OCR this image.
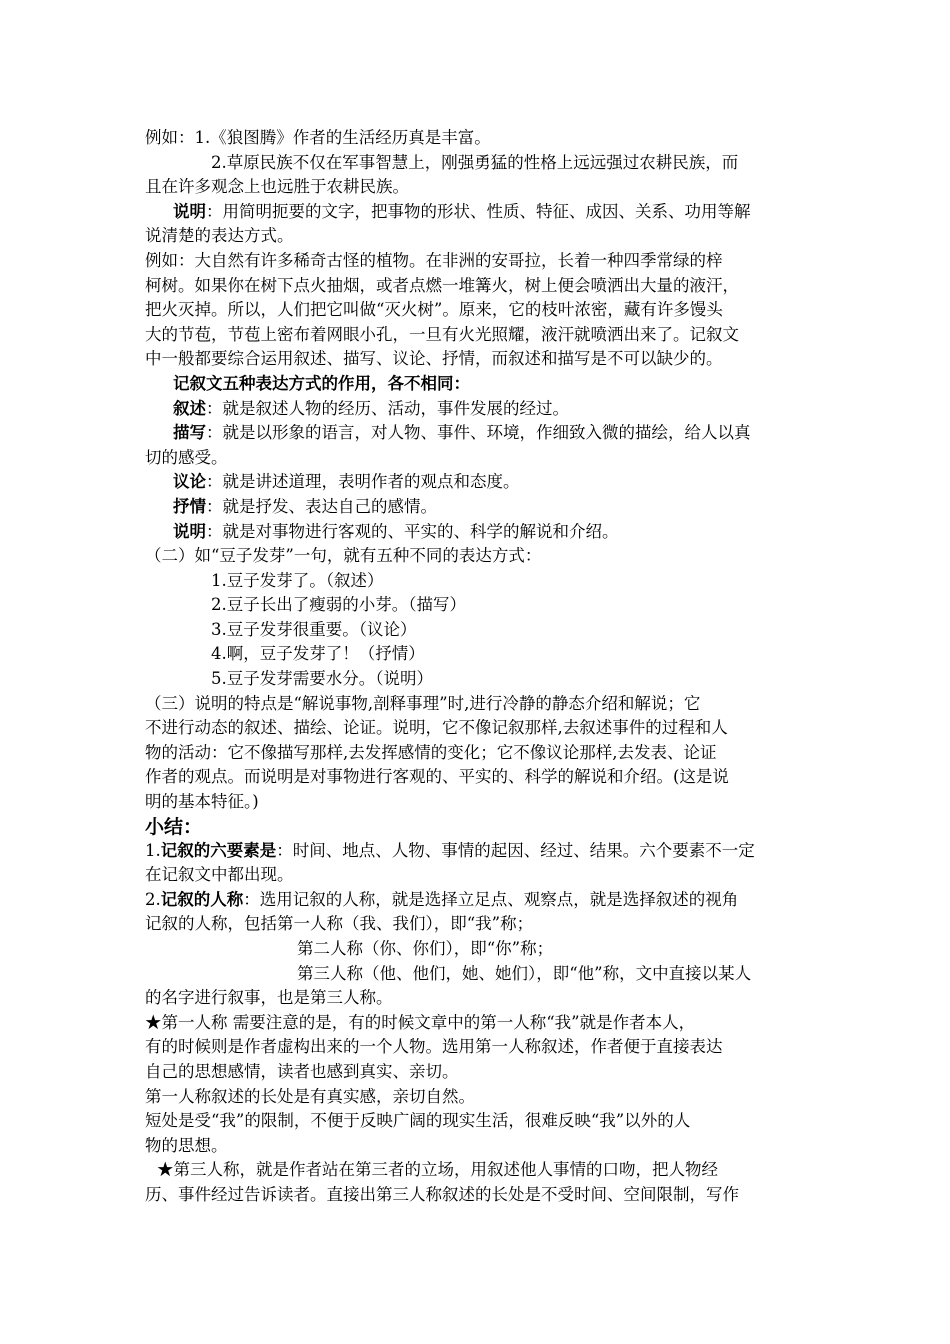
例如：1.《狼图腾》作者的生活经历真是丰富。

2.草原民族不仅在军事智慧上，刚强勇猛的性格上远远强过农耕民族，而

且在许多观念上也远胜于农耕民族。

说明：用简明扼要的文字，把事物的形状、性质、特征、成因、关系、功用等解

说清楚的表达方式。

例如：大自然有许多稀奇古怪的植物。在非洲的安哥拉，长着一种四季常绿的梓

柯树。如果你在树下点火抽烟，或者点燃一堆篝火，树上便会喷洒出大量的液汗，

把火灭掉。所以，人们把它叫做“灭火树”。原来，它的枝叶浓密，藏有许多馒头

大的节苞，节苞上密布着网眼小孔，一旦有火光照耀，液汗就喷洒出来了。记叙文

中一般都要综合运用叙述、描写、议论、抒情，而叙述和描写是不可以缺少的。

记叙文五种表达方式的作用，各不相同：

叙述：就是叙述人物的经历、活动，事件发展的经过。

描写：就是以形象的语言，对人物、事件、环境，作细致入微的描绘，给人以真

切的感受。

议论：就是讲述道理，表明作者的观点和态度。

抒情：就是抒发、表达自己的感情。

说明：就是对事物进行客观的、平实的、科学的解说和介绍。

（二）如“豆子发芽”一句，就有五种不同的表达方式：

1.豆子发芽了。（叙述）

2.豆子长出了瘦弱的小芽。（描写）

3.豆子发芽很重要。（议论）

4.啊，豆子发芽了！（抒情）

5.豆子发芽需要水分。（说明）

（三）说明的特点是“解说事物,剖释事理”时,进行冷静的静态介绍和解说；它

不进行动态的叙述、描绘、论证。说明，它不像记叙那样,去叙述事件的过程和人

物的活动：它不像描写那样,去发挥感情的变化；它不像议论那样,去发表、论证

作者的观点。而说明是对事物进行客观的、平实的、科学的解说和介绍。(这是说

明的基本特征。)

小结：

1.记叙的六要素是：时间、地点、人物、事情的起因、经过、结果。六个要素不一定

在记叙文中都出现。

2.记叙的人称：选用记叙的人称，就是选择立足点、观察点，就是选择叙述的视角

记叙的人称，包括第一人称（我、我们），即“我”称；

第二人称（你、你们），即“你”称；

第三人称（他、他们，她、她们），即“他”称，文中直接以某人

的名字进行叙事，也是第三人称。

★第一人称 需要注意的是，有的时候文章中的第一人称“我”就是作者本人，

有的时候则是作者虚构出来的一个人物。选用第一人称叙述，作者便于直接表达

自己的思想感情，读者也感到真实、亲切。

第一人称叙述的长处是有真实感，亲切自然。

短处是受“我”的限制，不便于反映广阔的现实生活，很难反映“我”以外的人

物的思想。

★第三人称，就是作者站在第三者的立场，用叙述他人事情的口吻，把人物经

历、事件经过告诉读者。直接出第三人称叙述的长处是不受时间、空间限制，写作
